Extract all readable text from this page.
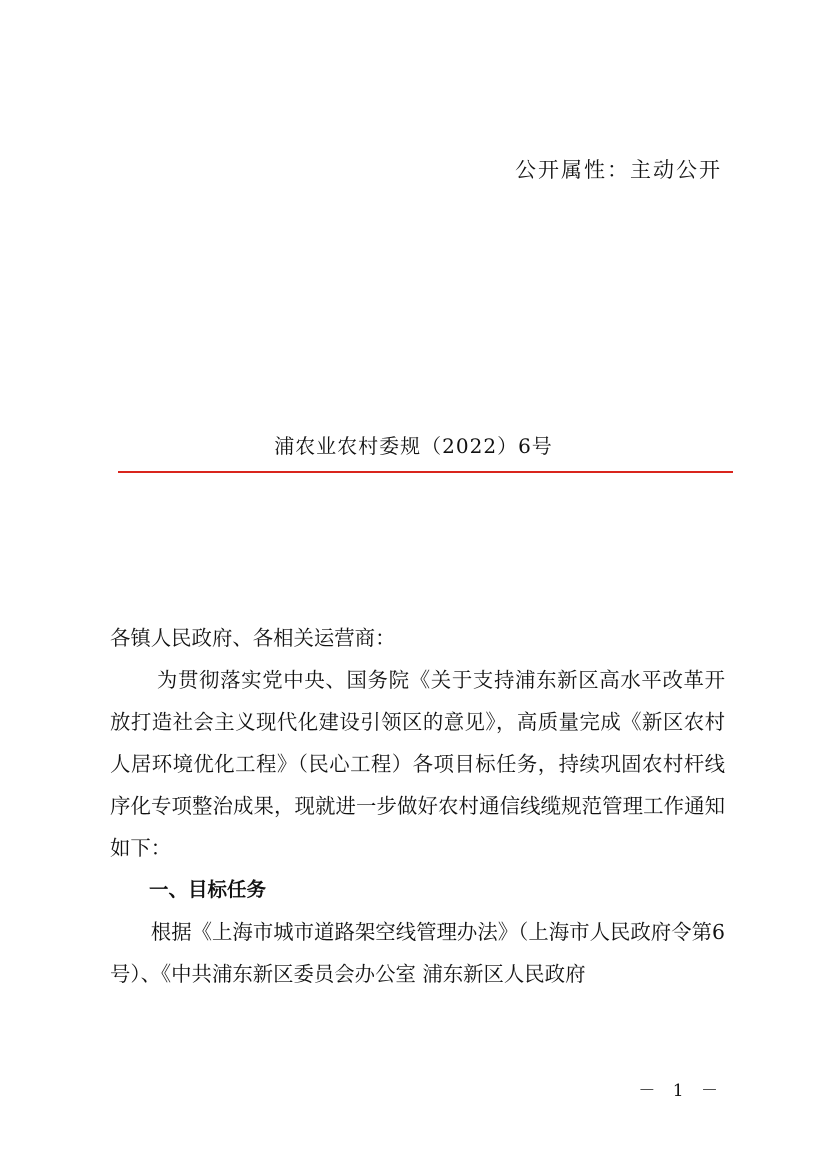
公开属性：主动公开
浦农业农村委规（2022）6号

各镇人民政府、各相关运营商：

为贯彻落实党中央、国务院《关于支持浦东新区高水平改革开放打造社会主义现代化建设引领区的意见》，高质量完成《新区农村人居环境优化工程》（民心工程）各项目标任务，持续巩固农村杆线序化专项整治成果，现就进一步做好农村通信线缆规范管理工作通知如下：

一、目标任务

根据《上海市城市道路架空线管理办法》（上海市人民政府令第6号）、《中共浦东新区委员会办公室 浦东新区人民政府

－ 1 －
